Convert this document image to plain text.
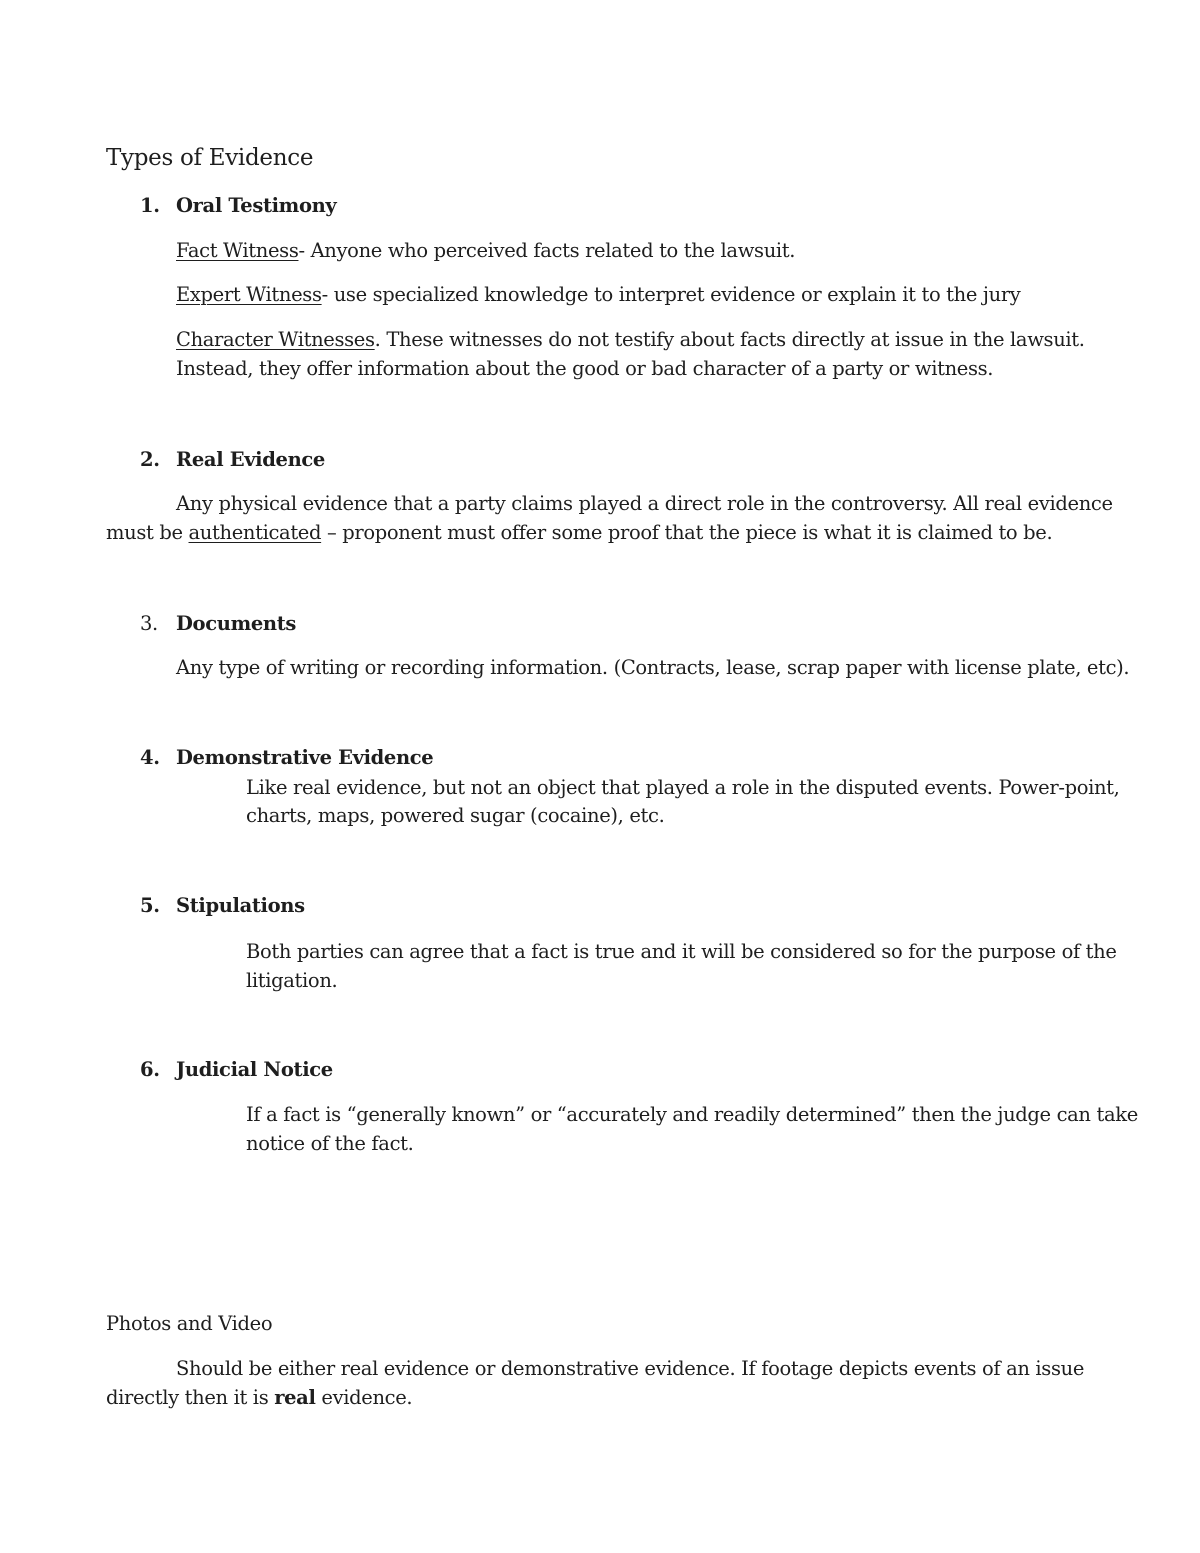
Types of Evidence
1. Oral Testimony
Fact Witness- Anyone who perceived facts related to the lawsuit.
Expert Witness- use specialized knowledge to interpret evidence or explain it to the jury
Character Witnesses. These witnesses do not testify about facts directly at issue in the lawsuit.
Instead, they offer information about the good or bad character of a party or witness.
2. Real Evidence
Any physical evidence that a party claims played a direct role in the controversy. All real evidence
must be authenticated – proponent must offer some proof that the piece is what it is claimed to be.
3. Documents
Any type of writing or recording information. (Contracts, lease, scrap paper with license plate, etc).
4. Demonstrative Evidence
Like real evidence, but not an object that played a role in the disputed events. Power-point,
charts, maps, powered sugar (cocaine), etc.
5. Stipulations
Both parties can agree that a fact is true and it will be considered so for the purpose of the
litigation.
6. Judicial Notice
If a fact is “generally known” or “accurately and readily determined” then the judge can take
notice of the fact.
Photos and Video
Should be either real evidence or demonstrative evidence. If footage depicts events of an issue
directly then it is real evidence.
